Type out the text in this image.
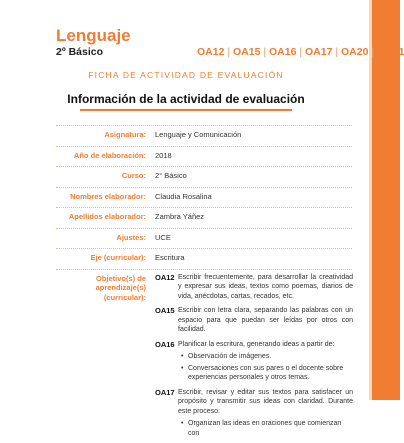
Lenguaje
2º Básico	OA12 | OA15 | OA16 | OA17 | OA20 | OA21
FICHA DE ACTIVIDAD DE EVALUACIÓN
Información de la actividad de evaluación
Asignatura: Lenguaje y Comunicación
Año de elaboración: 2018
Curso: 2° Básico
Nombres elaborador: Claudia Rosalina
Apellidos elaborador: Zambra Yáñez
Ajustes: UCE
Eje (curricular): Escritura
Objetivo(s) de aprendizaje(s) (curricular):
OA12 Escribir frecuentemente, para desarrollar la creatividad y expresar sus ideas, textos como poemas, diarios de vida, anécdotas, cartas, recados, etc.
OA15 Escribir con letra clara, separando las palabras con un espacio para que puedan ser leídas por otros con facilidad.
OA16 Planificar la escritura, generando ideas a partir de:
• Observación de imágenes.
• Conversaciones con sus pares o el docente sobre experiencias personales y otros temas.
OA17 Escribir, revisar y editar sus textos para satisfacer un propósito y transmitir sus ideas con claridad. Durante este proceso:
• Organizan las ideas en oraciones que comienzan con
